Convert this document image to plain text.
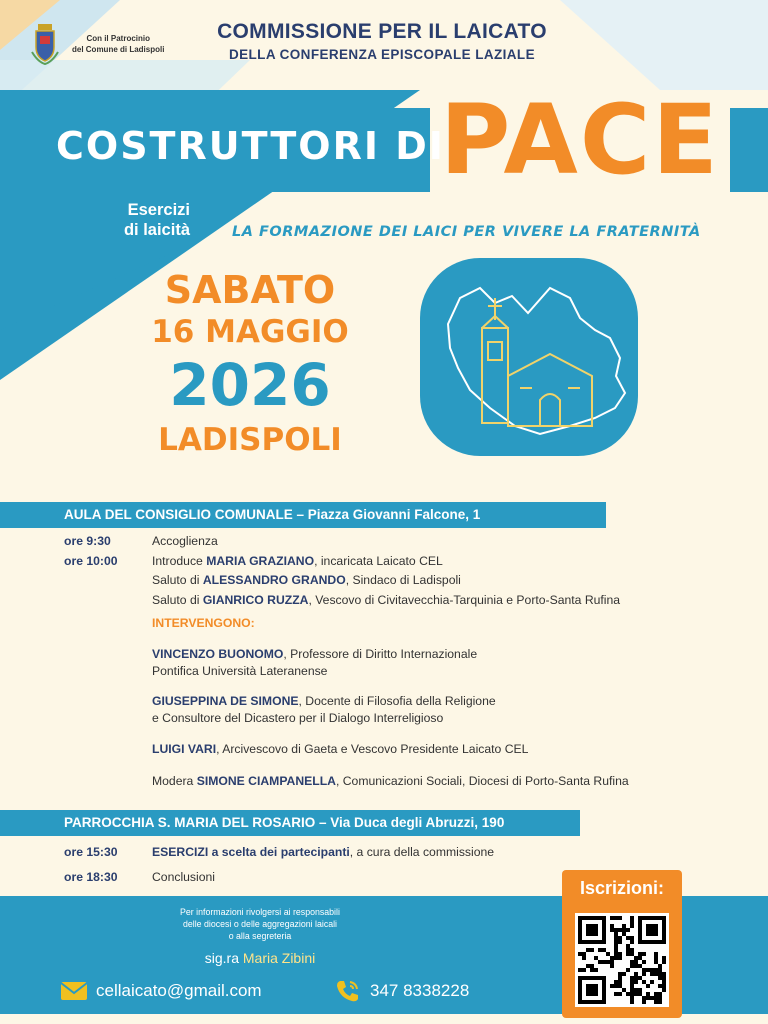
Con il Patrocinio
del Comune di Ladispoli
COMMISSIONE PER IL LAICATO
DELLA CONFERENZA EPISCOPALE LAZIALE
COSTRUTTORI DI
PACE
Esercizi
di laicità	LA FORMAZIONE DEI LAICI PER VIVERE LA FRATERNITÀ
SABATO
16 MAGGIO
2026
LADISPOLI
AULA DEL CONSIGLIO COMUNALE – Piazza Giovanni Falcone, 1
ore 9:30	Accoglienza
ore 10:00	Introduce MARIA GRAZIANO, incaricata Laicato CEL
Saluto di ALESSANDRO GRANDO, Sindaco di Ladispoli
Saluto di GIANRICO RUZZA, Vescovo di Civitavecchia-Tarquinia e Porto-Santa Rufina
INTERVENGONO:
VINCENZO BUONOMO, Professore di Diritto Internazionale
Pontifica Università Lateranense
GIUSEPPINA DE SIMONE, Docente di Filosofia della Religione
e Consultore del Dicastero per il Dialogo Interreligioso
LUIGI VARI, Arcivescovo di Gaeta e Vescovo Presidente Laicato CEL
Modera SIMONE CIAMPANELLA, Comunicazioni Sociali, Diocesi di Porto-Santa Rufina
PARROCCHIA S. MARIA DEL ROSARIO – Via Duca degli Abruzzi, 190
ore 15:30	ESERCIZI a scelta dei partecipanti, a cura della commissione
ore 18:30	Conclusioni
Per informazioni rivolgersi ai responsabili
delle diocesi o delle aggregazioni laicali
o alla segreteria
sig.ra Maria Zibini
cellaicato@gmail.com	347 8338228
Iscrizioni:
